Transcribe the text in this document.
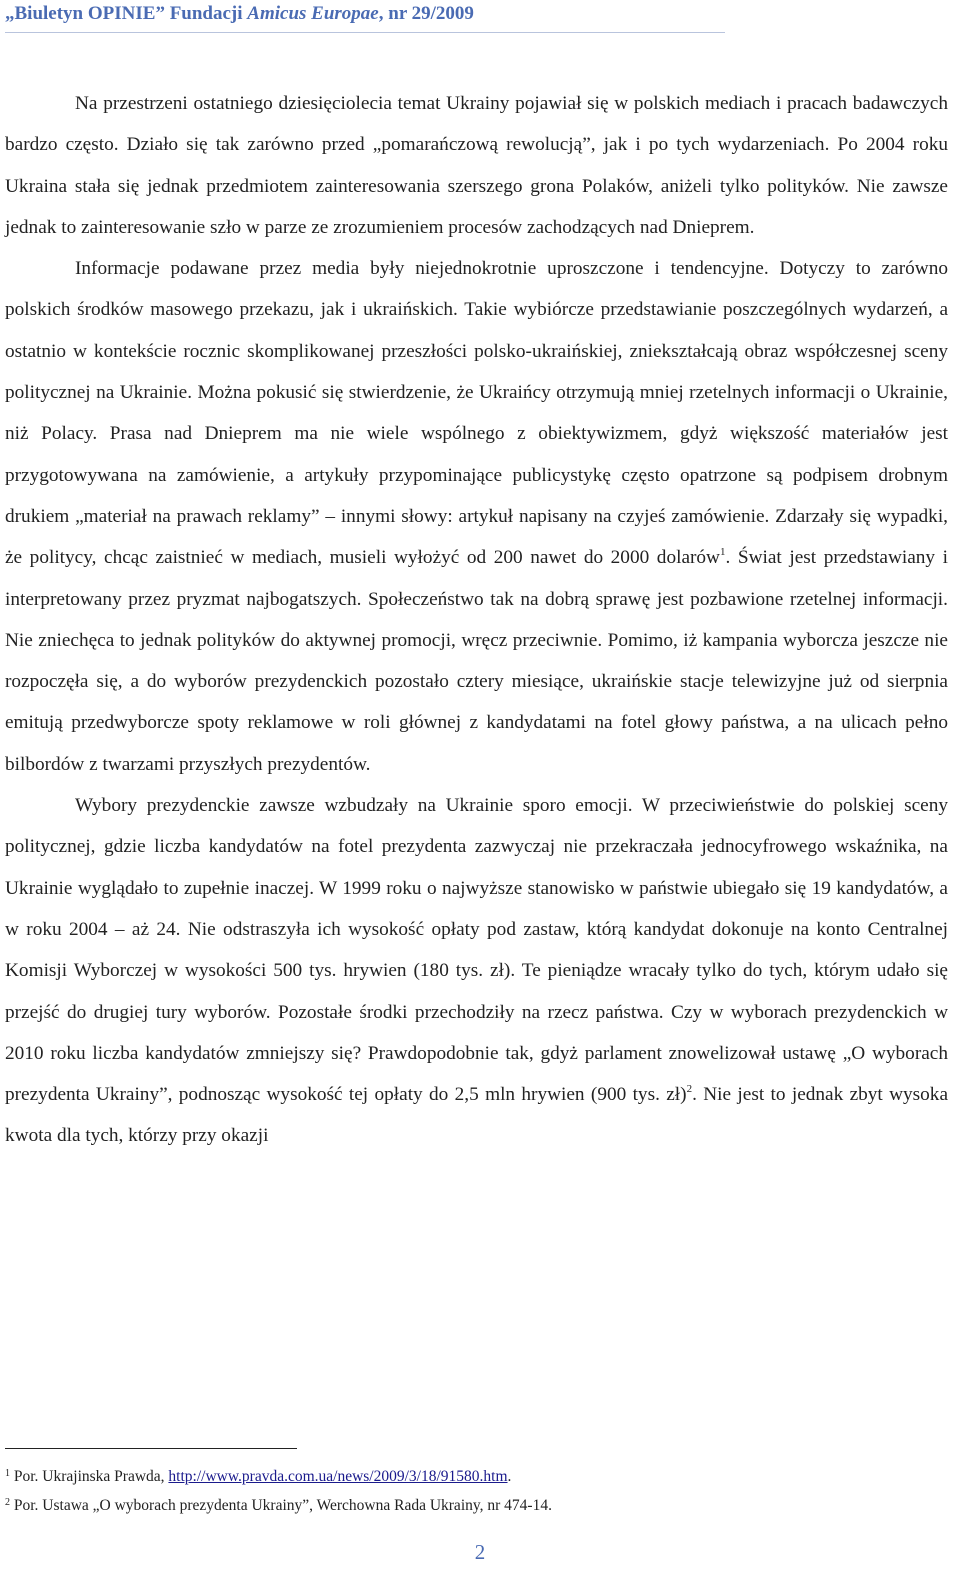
„Biuletyn OPINIE” Fundacji Amicus Europae, nr 29/2009

Na przestrzeni ostatniego dziesięciolecia temat Ukrainy pojawiał się w polskich mediach i pracach badawczych bardzo często. Działo się tak zarówno przed „pomarańczową rewolucją”, jak i po tych wydarzeniach. Po 2004 roku Ukraina stała się jednak przedmiotem zainteresowania szerszego grona Polaków, aniżeli tylko polityków. Nie zawsze jednak to zainteresowanie szło w parze ze zrozumieniem procesów zachodzących nad Dnieprem.

Informacje podawane przez media były niejednokrotnie uproszczone i tendencyjne. Dotyczy to zarówno polskich środków masowego przekazu, jak i ukraińskich. Takie wybiórcze przedstawianie poszczególnych wydarzeń, a ostatnio w kontekście rocznic skomplikowanej przeszłości polsko-ukraińskiej, zniekształcają obraz współczesnej sceny politycznej na Ukrainie. Można pokusić się stwierdzenie, że Ukraińcy otrzymują mniej rzetelnych informacji o Ukrainie, niż Polacy. Prasa nad Dnieprem ma nie wiele wspólnego z obiektywizmem, gdyż większość materiałów jest przygotowywana na zamówienie, a artykuły przypominające publicystykę często opatrzone są podpisem drobnym drukiem „materiał na prawach reklamy” – innymi słowy: artykuł napisany na czyjeś zamówienie. Zdarzały się wypadki, że politycy, chcąc zaistnieć w mediach, musieli wyłożyć od 200 nawet do 2000 dolarów$^1$. Świat jest przedstawiany i interpretowany przez pryzmat najbogatszych. Społeczeństwo tak na dobrą sprawę jest pozbawione rzetelnej informacji. Nie zniechęca to jednak polityków do aktywnej promocji, wręcz przeciwnie. Pomimo, iż kampania wyborcza jeszcze nie rozpoczęła się, a do wyborów prezydenckich pozostało cztery miesiące, ukraińskie stacje telewizyjne już od sierpnia emitują przedwyborcze spoty reklamowe w roli głównej z kandydatami na fotel głowy państwa, a na ulicach pełno bilbordów z twarzami przyszłych prezydentów.

Wybory prezydenckie zawsze wzbudzały na Ukrainie sporo emocji. W przeciwieństwie do polskiej sceny politycznej, gdzie liczba kandydatów na fotel prezydenta zazwyczaj nie przekraczała jednocyfrowego wskaźnika, na Ukrainie wyglądało to zupełnie inaczej. W 1999 roku o najwyższe stanowisko w państwie ubiegało się 19 kandydatów, a w roku 2004 – aż 24. Nie odstraszyła ich wysokość opłaty pod zastaw, którą kandydat dokonuje na konto Centralnej Komisji Wyborczej w wysokości 500 tys. hrywien (180 tys. zł). Te pieniądze wracały tylko do tych, którym udało się przejść do drugiej tury wyborów. Pozostałe środki przechodziły na rzecz państwa. Czy w wyborach prezydenckich w 2010 roku liczba kandydatów zmniejszy się? Prawdopodobnie tak, gdyż parlament znowelizował ustawę „O wyborach prezydenta Ukrainy”, podnosząc wysokość tej opłaty do 2,5 mln hrywien (900 tys. zł)$^2$. Nie jest to jednak zbyt wysoka kwota dla tych, którzy przy okazji

$^1$ Por. Ukrajinska Prawda, http://www.pravda.com.ua/news/2009/3/18/91580.htm.
$^2$ Por. Ustawa „O wyborach prezydenta Ukrainy”, Werchowna Rada Ukrainy, nr 474-14.
2
